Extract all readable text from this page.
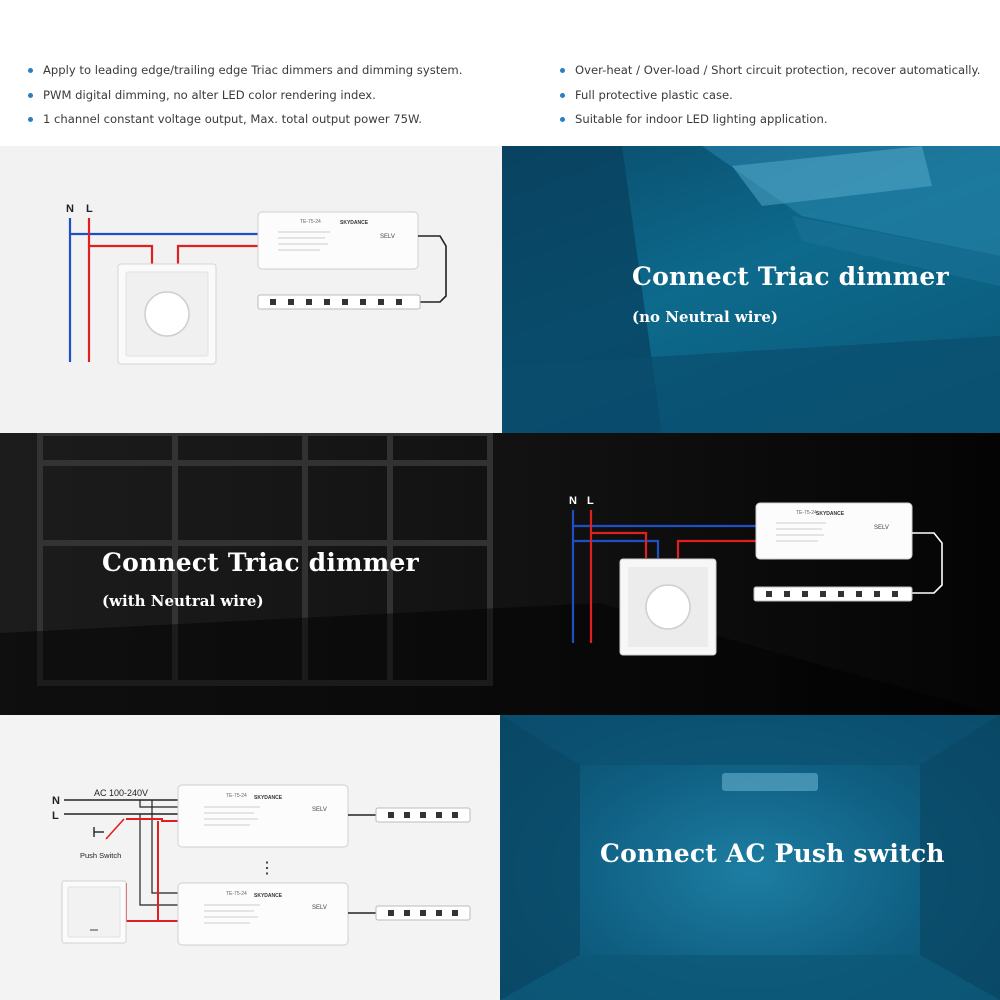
Apply to leading edge/trailing edge Triac dimmers and dimming system.
PWM digital dimming, no alter LED color rendering index.
1 channel constant voltage output, Max. total output power 75W.
Over-heat / Over-load / Short circuit protection, recover automatically.
Full protective plastic case.
Suitable for indoor LED lighting application.
N L
TE-75-24	SKYDANCE
SELV
Connect Triac dimmer
(no Neutral wire)
Connect Triac dimmer
(with Neutral wire)
N L
TE-75-24 SKYDANCE
SELV
AC 100-240V
N
L
Push Switch
TE-75-24 SKYDANCE
SELV
⋮
TE-75-24 SKYDANCE
SELV
Connect AC Push switch
